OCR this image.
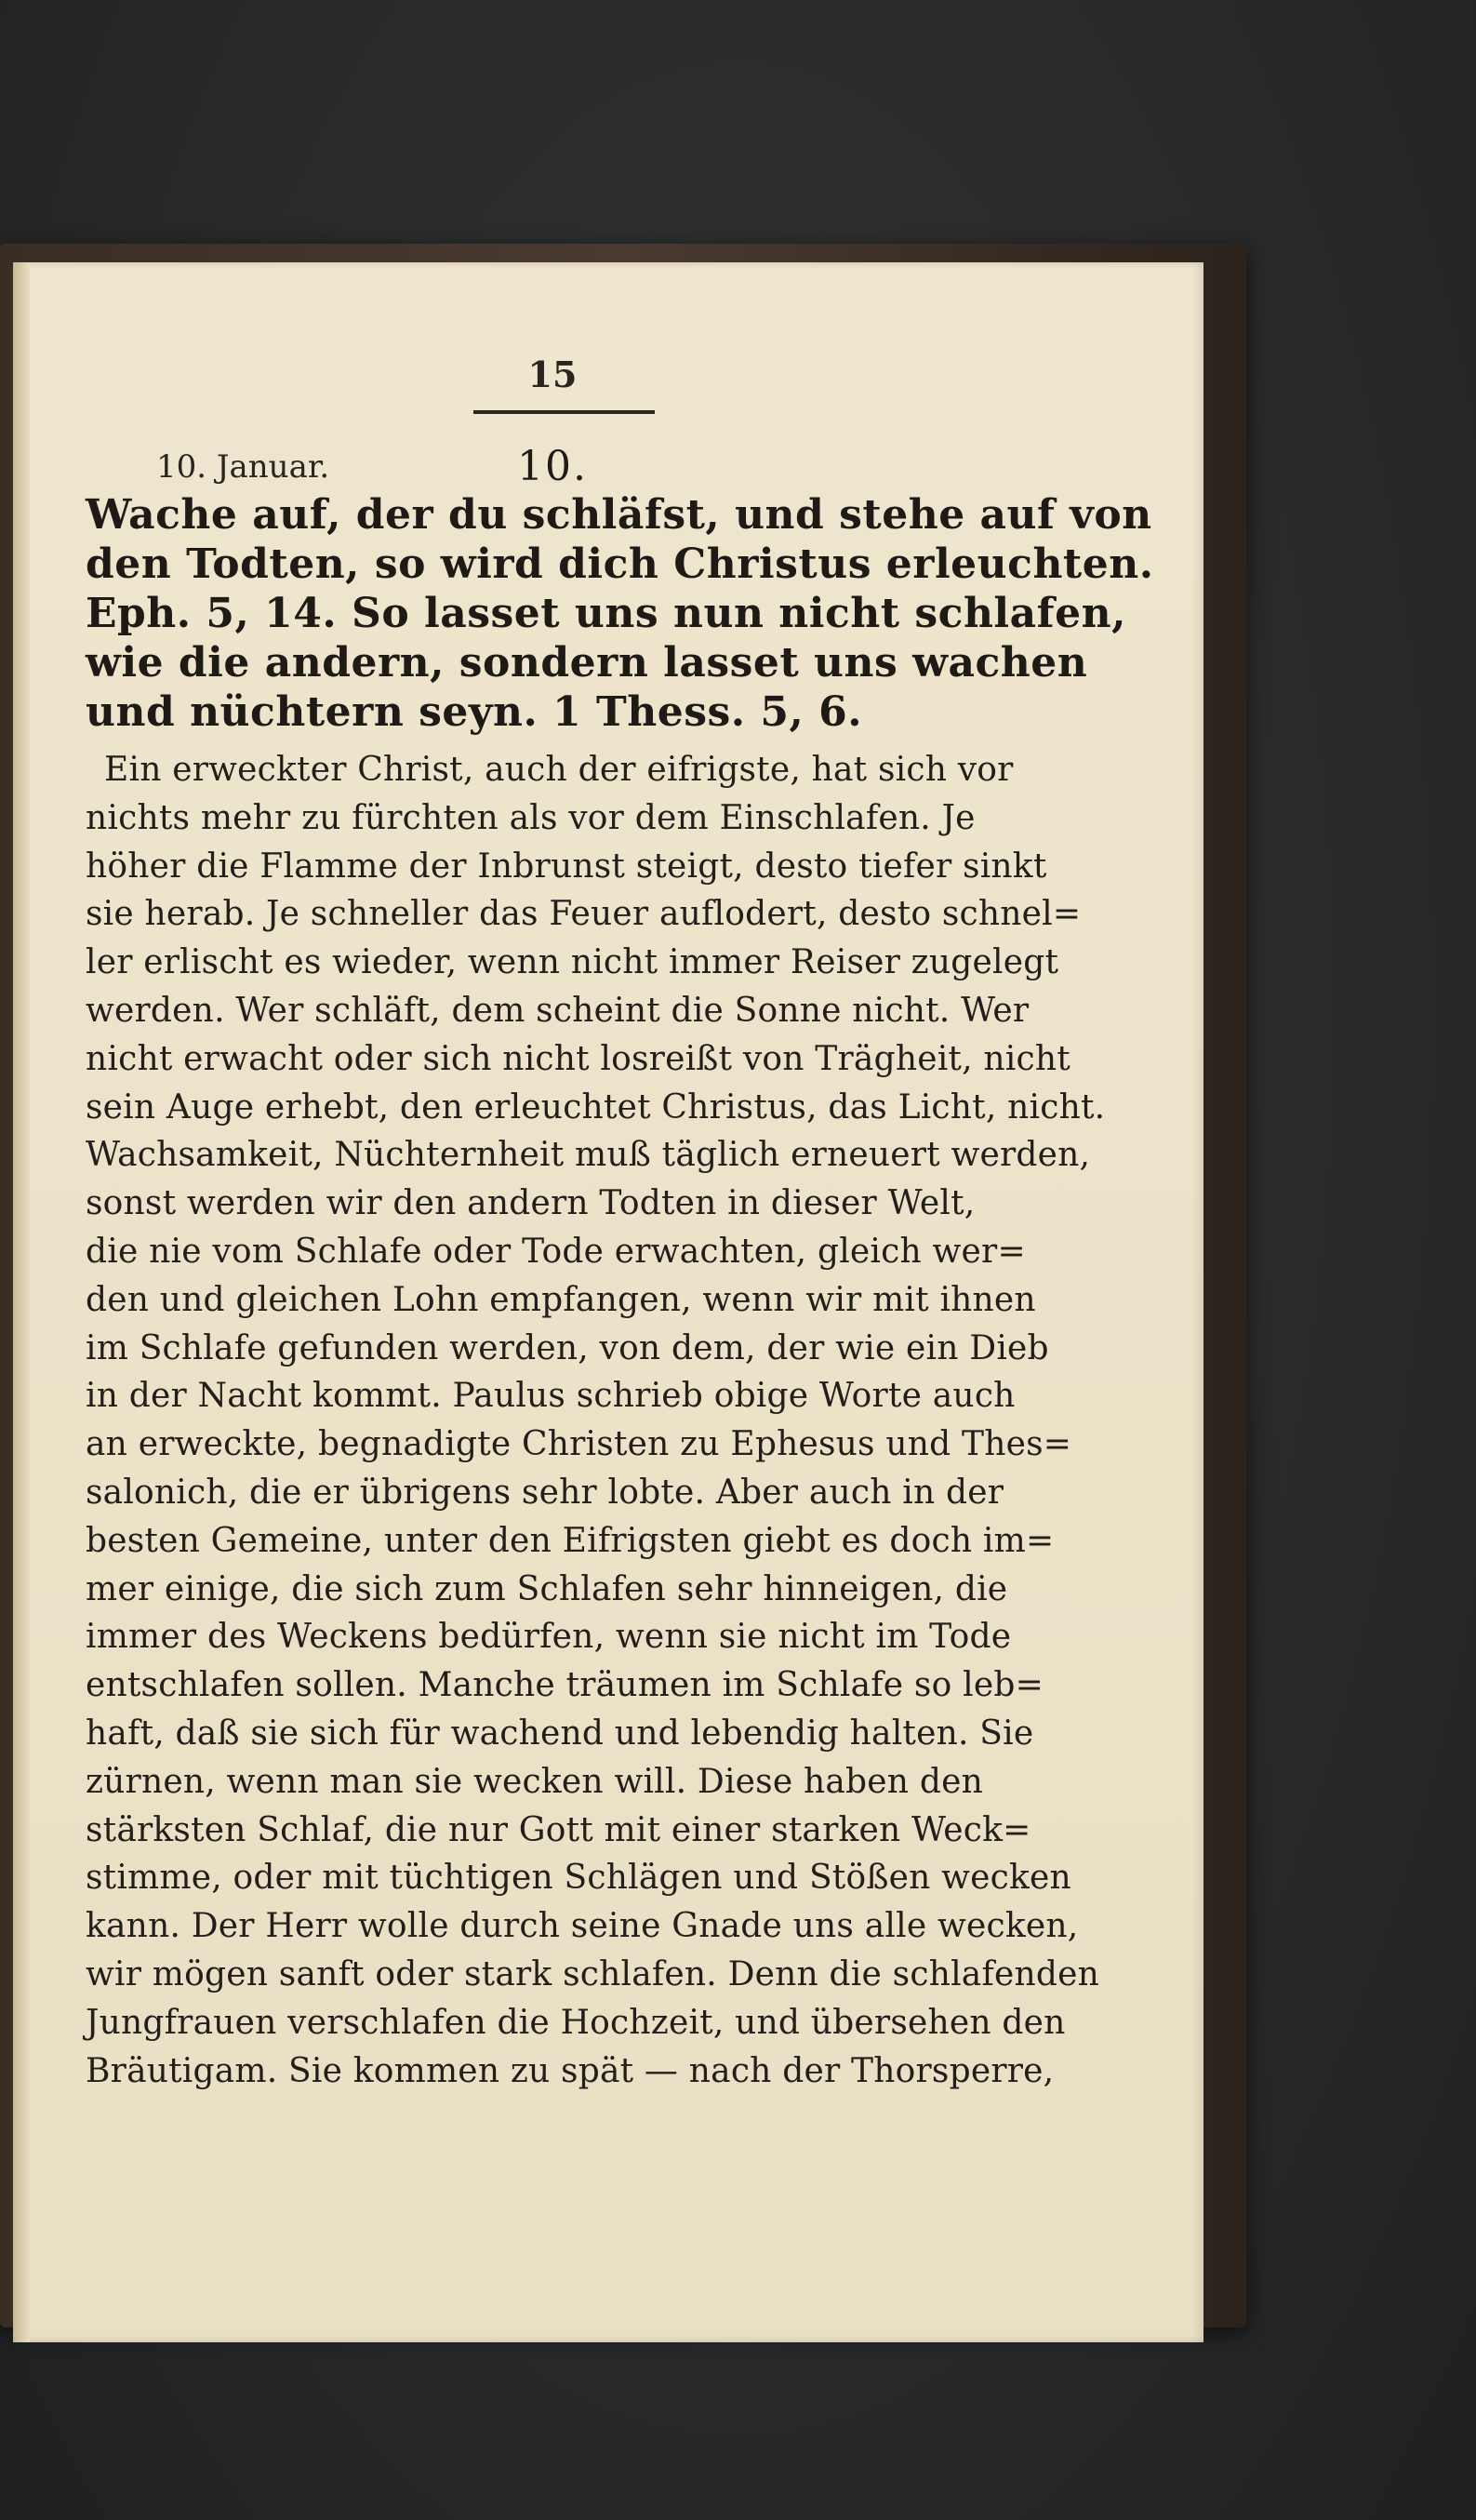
15
10. Januar.	10.
Wache auf, der du schläfst, und stehe auf von
den Todten, so wird dich Christus erleuchten.
Eph. 5, 14. So lasset uns nun nicht schlafen,
wie die andern, sondern lasset uns wachen
und nüchtern seyn. 1 Thess. 5, 6.
Ein erweckter Christ, auch der eifrigste, hat sich vor
nichts mehr zu fürchten als vor dem Einschlafen. Je
höher die Flamme der Inbrunst steigt, desto tiefer sinkt
sie herab. Je schneller das Feuer auflodert, desto schnel=
ler erlischt es wieder, wenn nicht immer Reiser zugelegt
werden. Wer schläft, dem scheint die Sonne nicht. Wer
nicht erwacht oder sich nicht losreißt von Trägheit, nicht
sein Auge erhebt, den erleuchtet Christus, das Licht, nicht.
Wachsamkeit, Nüchternheit muß täglich erneuert werden,
sonst werden wir den andern Todten in dieser Welt,
die nie vom Schlafe oder Tode erwachten, gleich wer=
den und gleichen Lohn empfangen, wenn wir mit ihnen
im Schlafe gefunden werden, von dem, der wie ein Dieb
in der Nacht kommt. Paulus schrieb obige Worte auch
an erweckte, begnadigte Christen zu Ephesus und Thes=
salonich, die er übrigens sehr lobte. Aber auch in der
besten Gemeine, unter den Eifrigsten giebt es doch im=
mer einige, die sich zum Schlafen sehr hinneigen, die
immer des Weckens bedürfen, wenn sie nicht im Tode
entschlafen sollen. Manche träumen im Schlafe so leb=
haft, daß sie sich für wachend und lebendig halten. Sie
zürnen, wenn man sie wecken will. Diese haben den
stärksten Schlaf, die nur Gott mit einer starken Weck=
stimme, oder mit tüchtigen Schlägen und Stößen wecken
kann. Der Herr wolle durch seine Gnade uns alle wecken,
wir mögen sanft oder stark schlafen. Denn die schlafenden
Jungfrauen verschlafen die Hochzeit, und übersehen den
Bräutigam. Sie kommen zu spät — nach der Thorsperre,
